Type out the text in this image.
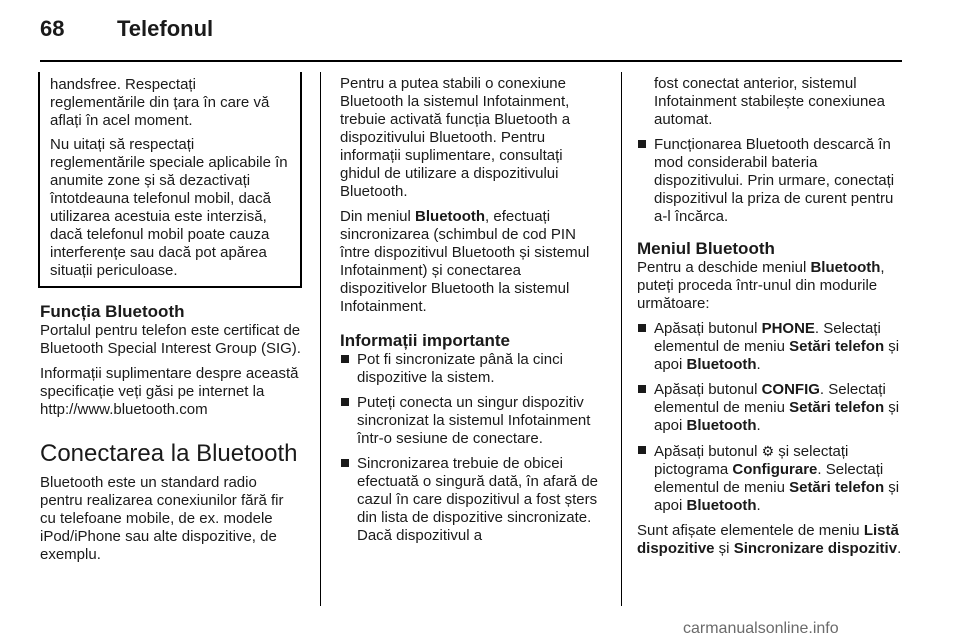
68 Telefonul

handsfree. Respectați reglementările din țara în care vă aflați în acel moment.

Nu uitați să respectați reglementările speciale aplicabile în anumite zone și să dezactivați întotdeauna telefonul mobil, dacă utilizarea acestuia este interzisă, dacă telefonul mobil poate cauza interferențe sau dacă pot apărea situații periculoase.

Funcția Bluetooth

Portalul pentru telefon este certificat de Bluetooth Special Interest Group (SIG).

Informații suplimentare despre această specificație veți găsi pe internet la http://www.bluetooth.com

Conectarea la Bluetooth

Bluetooth este un standard radio pentru realizarea conexiunilor fără fir cu telefoane mobile, de ex. modele iPod/iPhone sau alte dispozitive, de exemplu.

Pentru a putea stabili o conexiune Bluetooth la sistemul Infotainment, trebuie activată funcția Bluetooth a dispozitivului Bluetooth. Pentru informații suplimentare, consultați ghidul de utilizare a dispozitivului Bluetooth.

Din meniul Bluetooth, efectuați sincronizarea (schimbul de cod PIN între dispozitivul Bluetooth și sistemul Infotainment) și conectarea dispozitivelor Bluetooth la sistemul Infotainment.

Informații importante
Pot fi sincronizate până la cinci dispozitive la sistem.
Puteți conecta un singur dispozitiv sincronizat la sistemul Infotainment într-o sesiune de conectare.
Sincronizarea trebuie de obicei efectuată o singură dată, în afară de cazul în care dispozitivul a fost șters din lista de dispozitive sincronizate. Dacă dispozitivul a

fost conectat anterior, sistemul Infotainment stabilește conexiunea automat.

Funcționarea Bluetooth descarcă în mod considerabil bateria dispozitivului. Prin urmare, conectați dispozitivul la priza de curent pentru a-l încărca.
Meniul Bluetooth

Pentru a deschide meniul Bluetooth, puteți proceda într-unul din modurile următoare:

Apăsați butonul PHONE. Selectați elementul de meniu Setări telefon și apoi Bluetooth.
Apăsați butonul CONFIG. Selectați elementul de meniu Setări telefon și apoi Bluetooth.
Apăsați butonul ⚙ și selectați pictograma Configurare. Selectați elementul de meniu Setări telefon și apoi Bluetooth.

Sunt afișate elementele de meniu Listă dispozitive și Sincronizare dispozitiv.

carmanualsonline.info
